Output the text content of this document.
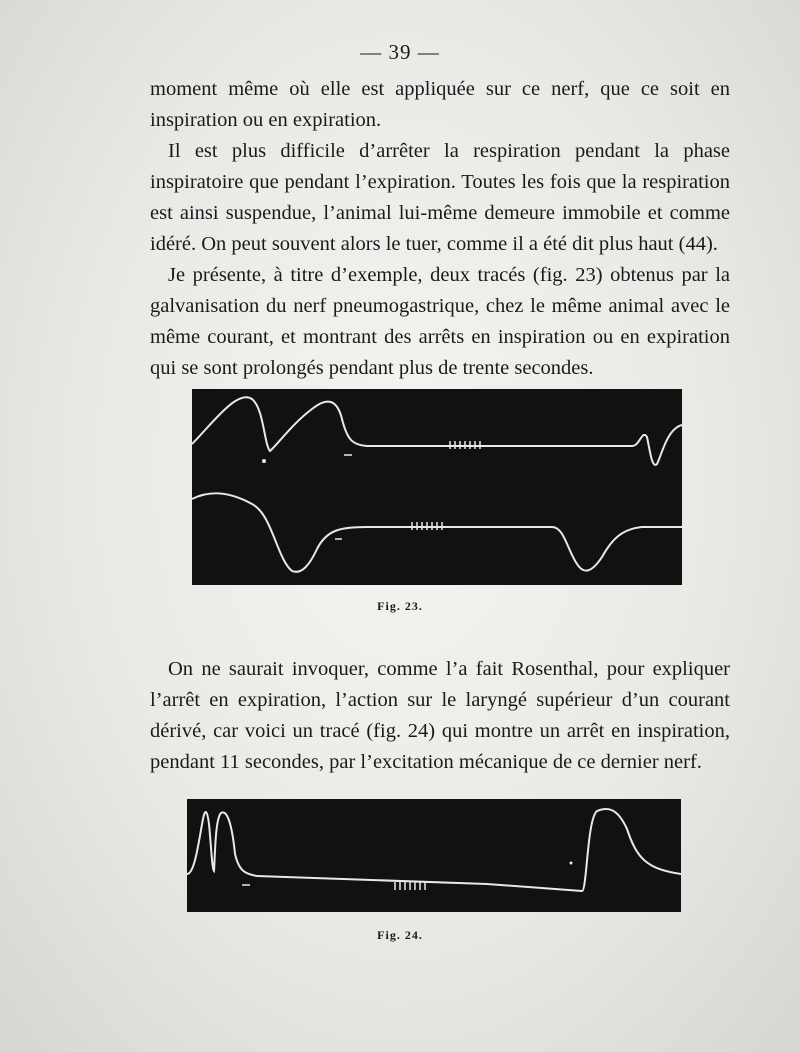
— 39 —

moment même où elle est appliquée sur ce nerf, que ce soit en inspiration ou en expiration.

Il est plus difficile d’arrêter la respiration pendant la phase inspiratoire que pendant l’expiration. Toutes les fois que la respiration est ainsi suspendue, l’animal lui-même demeure immobile et comme idéré. On peut souvent alors le tuer, comme il a été dit plus haut (44).

Je présente, à titre d’exemple, deux tracés (fig. 23) obtenus par la galvanisation du nerf pneumogastrique, chez le même animal avec le même courant, et montrant des arrêts en inspiration ou en expiration qui se sont prolongés pendant plus de trente secondes.

Fig. 23.

On ne saurait invoquer, comme l’a fait Rosenthal, pour expliquer l’arrêt en expiration, l’action sur le laryngé supérieur d’un courant dérivé, car voici un tracé (fig. 24) qui montre un arrêt en inspiration, pendant 11 secondes, par l’excitation mécanique de ce dernier nerf.

Fig. 24.
